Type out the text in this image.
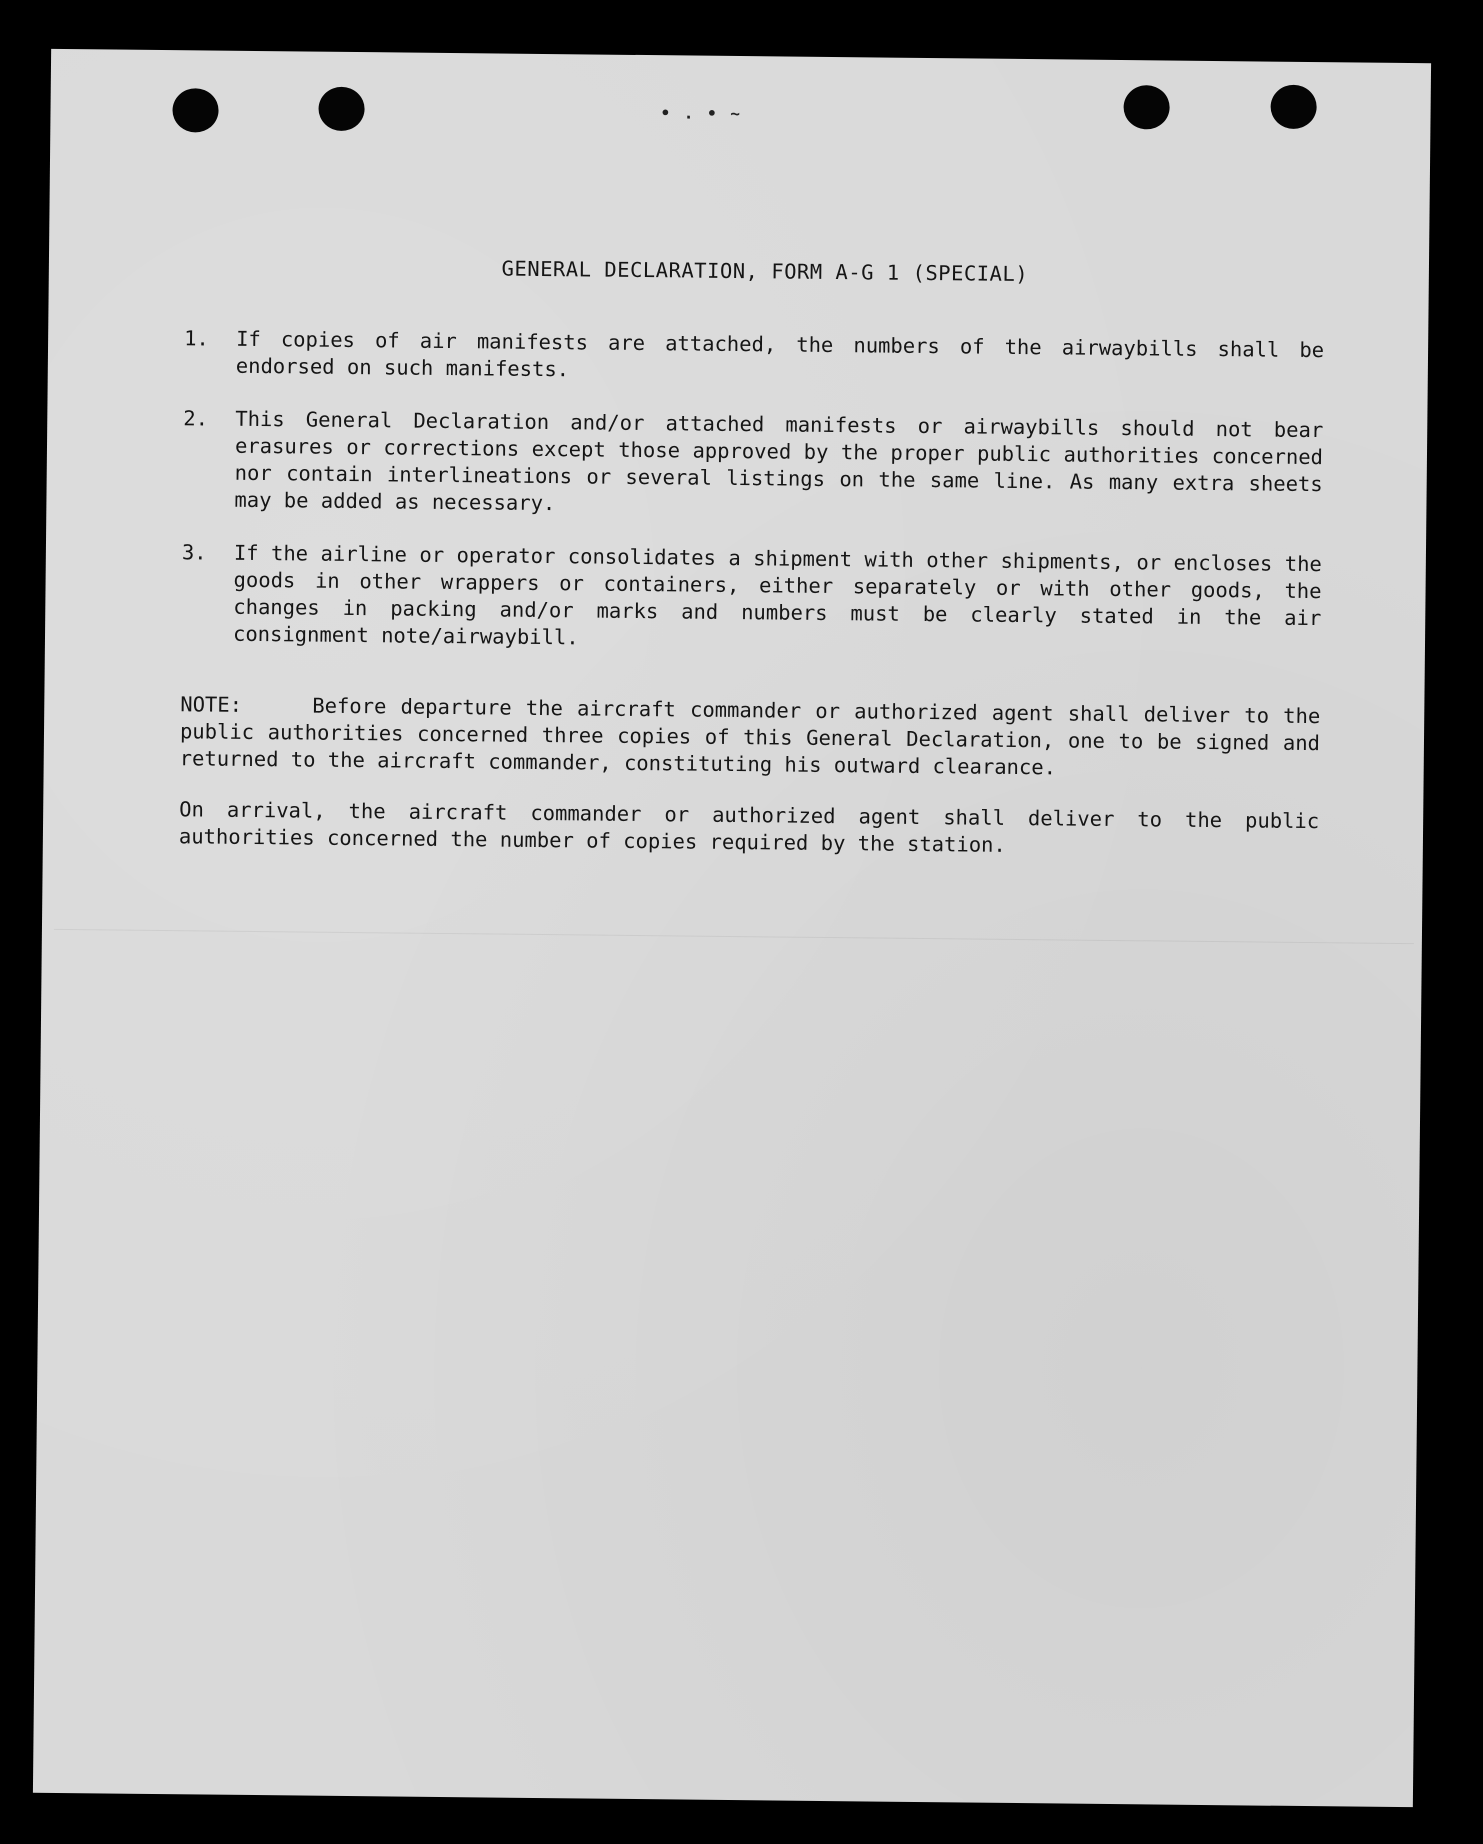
• . • ~
GENERAL DECLARATION, FORM A-G 1 (SPECIAL)
1.	If copies of air manifests are attached, the numbers of the airwaybills shall be endorsed on such manifests.
2.	This General Declaration and/or attached manifests or airwaybills should not bear erasures or corrections except those approved by the proper public authorities concerned nor contain interlineations or several listings on the same line. As many extra sheets may be added as necessary.
3.	If the airline or operator consolidates a shipment with other shipments, or encloses the goods in other wrappers or containers, either separately or with other goods, the changes in packing and/or marks and numbers must be clearly stated in the air consignment note/airwaybill.
NOTE:	Before departure the aircraft commander or authorized agent shall deliver to the public authorities concerned three copies of this General Declaration, one to be signed and returned to the aircraft commander, constituting his outward clearance.
On arrival, the aircraft commander or authorized agent shall deliver to the public authorities concerned the number of copies required by the station.
